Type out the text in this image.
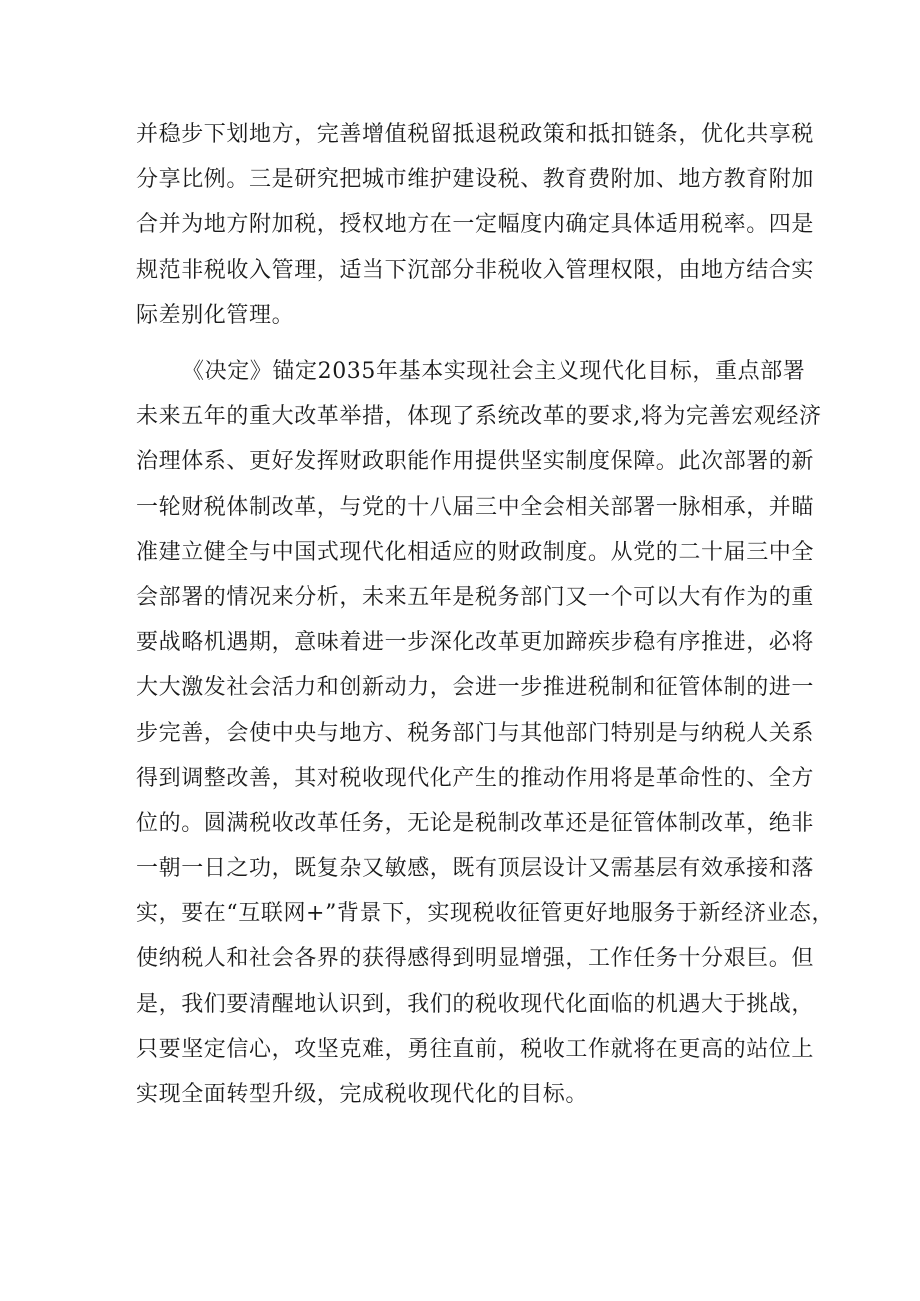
并稳步下划地方，完善增值税留抵退税政策和抵扣链条，优化共享税
分享比例。三是研究把城市维护建设税、教育费附加、地方教育附加
合并为地方附加税，授权地方在一定幅度内确定具体适用税率。四是
规范非税收入管理，适当下沉部分非税收入管理权限，由地方结合实
际差别化管理。
《决定》锚定2035年基本实现社会主义现代化目标，重点部署
未来五年的重大改革举措，体现了系统改革的要求,将为完善宏观经济
治理体系、更好发挥财政职能作用提供坚实制度保障。此次部署的新
一轮财税体制改革，与党的十八届三中全会相关部署一脉相承，并瞄
准建立健全与中国式现代化相适应的财政制度。从党的二十届三中全
会部署的情况来分析，未来五年是税务部门又一个可以大有作为的重
要战略机遇期，意味着进一步深化改革更加蹄疾步稳有序推进，必将
大大激发社会活力和创新动力，会进一步推进税制和征管体制的进一
步完善，会使中央与地方、税务部门与其他部门特别是与纳税人关系
得到调整改善，其对税收现代化产生的推动作用将是革命性的、全方
位的。圆满税收改革任务，无论是税制改革还是征管体制改革，绝非
一朝一日之功，既复杂又敏感，既有顶层设计又需基层有效承接和落
实，要在“互联网+”背景下，实现税收征管更好地服务于新经济业态，
使纳税人和社会各界的获得感得到明显增强，工作任务十分艰巨。但
是，我们要清醒地认识到，我们的税收现代化面临的机遇大于挑战，
只要坚定信心，攻坚克难，勇往直前，税收工作就将在更高的站位上
实现全面转型升级，完成税收现代化的目标。
